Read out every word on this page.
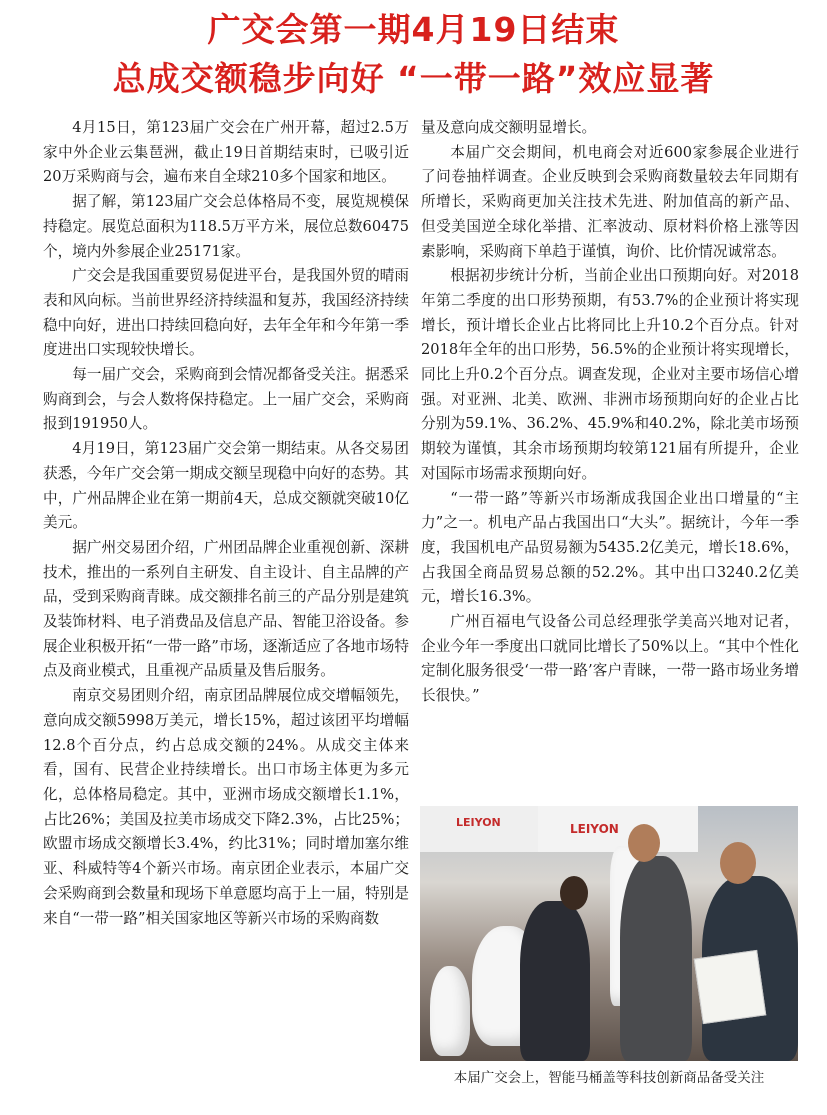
广交会第一期4月19日结束
总成交额稳步向好 “一带一路”效应显著

4月15日，第123届广交会在广州开幕，超过2.5万家中外企业云集琶洲，截止19日首期结束时，已吸引近20万采购商与会，遍布来自全球210多个国家和地区。

据了解，第123届广交会总体格局不变，展览规模保持稳定。展览总面积为118.5万平方米，展位总数60475个，境内外参展企业25171家。

广交会是我国重要贸易促进平台，是我国外贸的晴雨表和风向标。当前世界经济持续温和复苏，我国经济持续稳中向好，进出口持续回稳向好，去年全年和今年第一季度进出口实现较快增长。

每一届广交会，采购商到会情况都备受关注。据悉采购商到会，与会人数将保持稳定。上一届广交会，采购商报到191950人。

4月19日，第123届广交会第一期结束。从各交易团获悉，今年广交会第一期成交额呈现稳中向好的态势。其中，广州品牌企业在第一期前4天，总成交额就突破10亿美元。

据广州交易团介绍，广州团品牌企业重视创新、深耕技术，推出的一系列自主研发、自主设计、自主品牌的产品，受到采购商青睐。成交额排名前三的产品分别是建筑及装饰材料、电子消费品及信息产品、智能卫浴设备。参展企业积极开拓“一带一路”市场，逐渐适应了各地市场特点及商业模式，且重视产品质量及售后服务。

南京交易团则介绍，南京团品牌展位成交增幅领先，意向成交额5998万美元，增长15%，超过该团平均增幅12.8个百分点，约占总成交额的24%。从成交主体来看，国有、民营企业持续增长。出口市场主体更为多元化，总体格局稳定。其中，亚洲市场成交额增长1.1%，占比26%；美国及拉美市场成交下降2.3%，占比25%；欧盟市场成交额增长3.4%，约比31%；同时增加塞尔维亚、科威特等4个新兴市场。南京团企业表示，本届广交会采购商到会数量和现场下单意愿均高于上一届，特别是来自“一带一路”相关国家地区等新兴市场的采购商数

量及意向成交额明显增长。

本届广交会期间，机电商会对近600家参展企业进行了问卷抽样调查。企业反映到会采购商数量较去年同期有所增长，采购商更加关注技术先进、附加值高的新产品、但受美国逆全球化举措、汇率波动、原材料价格上涨等因素影响，采购商下单趋于谨慎，询价、比价情况诚常态。

根据初步统计分析，当前企业出口预期向好。对2018年第二季度的出口形势预期，有53.7%的企业预计将实现增长，预计增长企业占比将同比上升10.2个百分点。针对2018年全年的出口形势，56.5%的企业预计将实现增长，同比上升0.2个百分点。调查发现，企业对主要市场信心增强。对亚洲、北美、欧洲、非洲市场预期向好的企业占比分别为59.1%、36.2%、45.9%和40.2%，除北美市场预期较为谨慎，其余市场预期均较第121届有所提升，企业对国际市场需求预期向好。

“一带一路”等新兴市场渐成我国企业出口增量的“主力”之一。机电产品占我国出口“大头”。据统计，今年一季度，我国机电产品贸易额为5435.2亿美元，增长18.6%，占我国全商品贸易总额的52.2%。其中出口3240.2亿美元，增长16.3%。

广州百福电气设备公司总经理张学美高兴地对记者，企业今年一季度出口就同比增长了50%以上。“其中个性化定制化服务很受‘一带一路’客户青睐，一带一路市场业务增长很快。”

LEIYON	LEIYON
本届广交会上，智能马桶盖等科技创新商品备受关注
